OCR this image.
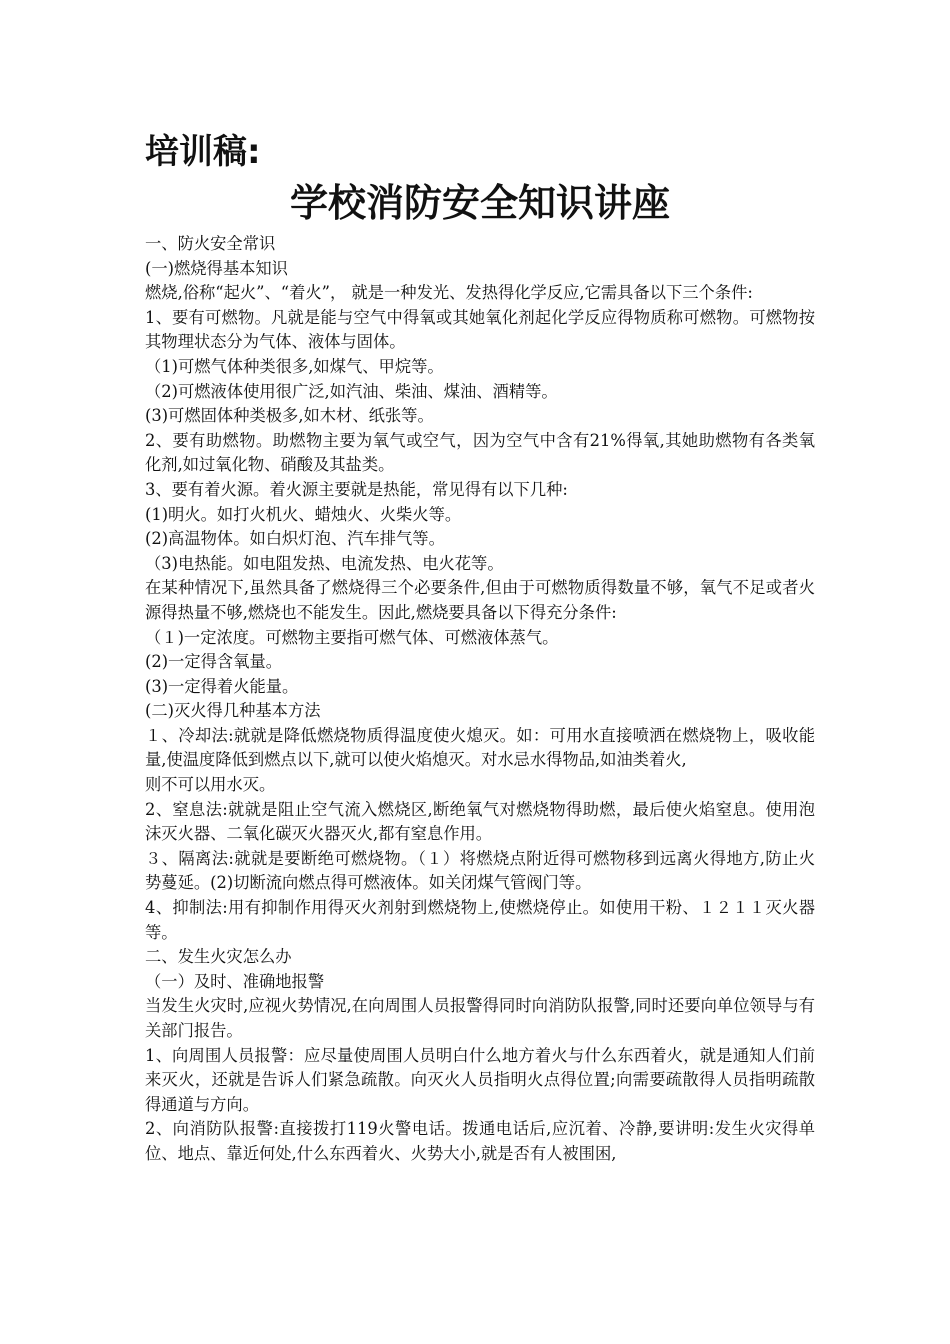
培训稿:
学校消防安全知识讲座

一、防火安全常识

(一)燃烧得基本知识

燃烧,俗称“起火”、“着火”， 就是一种发光、发热得化学反应,它需具备以下三个条件:

1、要有可燃物。凡就是能与空气中得氧或其她氧化剂起化学反应得物质称可燃物。可燃物按其物理状态分为气体、液体与固体。

（1)可燃气体种类很多,如煤气、甲烷等。

（2)可燃液体使用很广泛,如汽油、柴油、煤油、酒精等。

(3)可燃固体种类极多,如木材、纸张等。

2、要有助燃物。助燃物主要为氧气或空气，因为空气中含有21%得氧,其她助燃物有各类氧化剂,如过氧化物、硝酸及其盐类。

3、要有着火源。着火源主要就是热能，常见得有以下几种:

(1)明火。如打火机火、蜡烛火、火柴火等。

(2)高温物体。如白炽灯泡、汽车排气等。

（3)电热能。如电阻发热、电流发热、电火花等。

在某种情况下,虽然具备了燃烧得三个必要条件,但由于可燃物质得数量不够，氧气不足或者火源得热量不够,燃烧也不能发生。因此,燃烧要具备以下得充分条件:

（１)一定浓度。可燃物主要指可燃气体、可燃液体蒸气。

(2)一定得含氧量。

(3)一定得着火能量。

(二)灭火得几种基本方法

１、冷却法:就就是降低燃烧物质得温度使火熄灭。如：可用水直接喷洒在燃烧物上，吸收能量,使温度降低到燃点以下,就可以使火焰熄灭。对水忌水得物品,如油类着火,

则不可以用水灭。

2、窒息法:就就是阻止空气流入燃烧区,断绝氧气对燃烧物得助燃，最后使火焰窒息。使用泡沫灭火器、二氧化碳灭火器灭火,都有窒息作用。

３、隔离法:就就是要断绝可燃烧物。（１）将燃烧点附近得可燃物移到远离火得地方,防止火势蔓延。(2)切断流向燃点得可燃液体。如关闭煤气管阀门等。

4、抑制法:用有抑制作用得灭火剂射到燃烧物上,使燃烧停止。如使用干粉、１２１１灭火器等。

二、发生火灾怎么办

（一）及时、准确地报警

当发生火灾时,应视火势情况,在向周围人员报警得同时向消防队报警,同时还要向单位领导与有关部门报告。

1、向周围人员报警：应尽量使周围人员明白什么地方着火与什么东西着火，就是通知人们前来灭火，还就是告诉人们紧急疏散。向灭火人员指明火点得位置;向需要疏散得人员指明疏散得通道与方向。

2、向消防队报警:直接拨打119火警电话。拨通电话后,应沉着、冷静,要讲明:发生火灾得单位、地点、靠近何处,什么东西着火、火势大小,就是否有人被围困,
